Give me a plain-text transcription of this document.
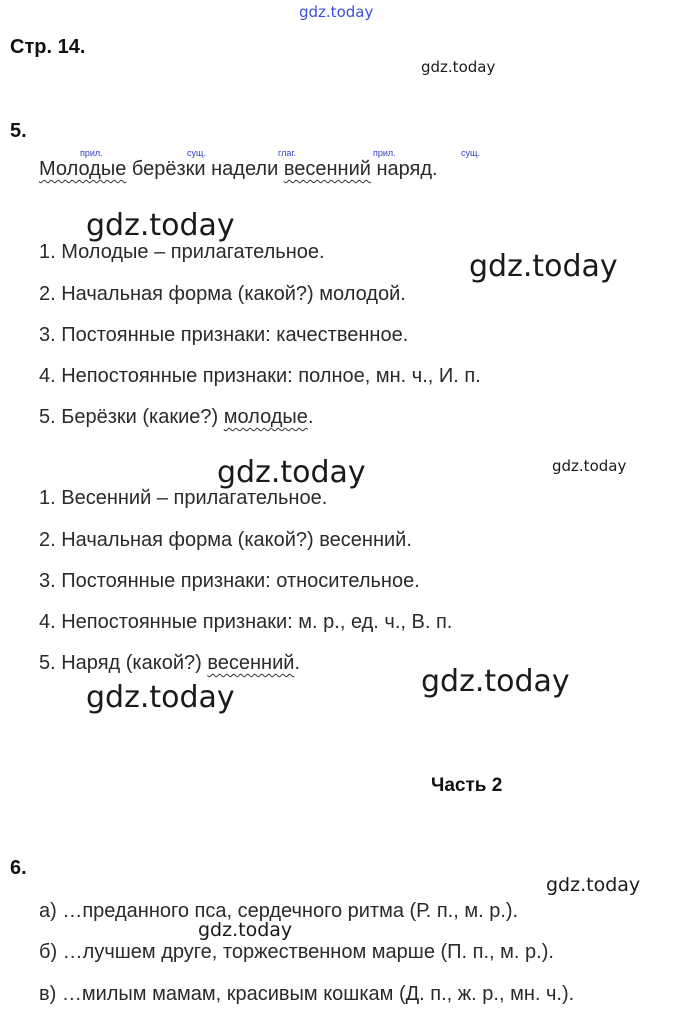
gdz.today
gdz.today
gdz.today
gdz.today
gdz.today	gdz.today
gdz.today	gdz.today
gdz.today
gdz.today
Стр. 14.
5.
прил.	сущ.	глаг.	прил.	сущ.
Молодые берёзки надели весенний наряд.
1. Молодые – прилагательное.
2. Начальная форма (какой?) молодой.
3. Постоянные признаки: качественное.
4. Непостоянные признаки: полное, мн. ч., И. п.
5. Берёзки (какие?) молодые.
1. Весенний – прилагательное.
2. Начальная форма (какой?) весенний.
3. Постоянные признаки: относительное.
4. Непостоянные признаки: м. р., ед. ч., В. п.
5. Наряд (какой?) весенний.
Часть 2
6.
а) …преданного пса, сердечного ритма (Р. п., м. р.).
б) …лучшем друге, торжественном марше (П. п., м. р.).
в) …милым мамам, красивым кошкам (Д. п., ж. р., мн. ч.).
